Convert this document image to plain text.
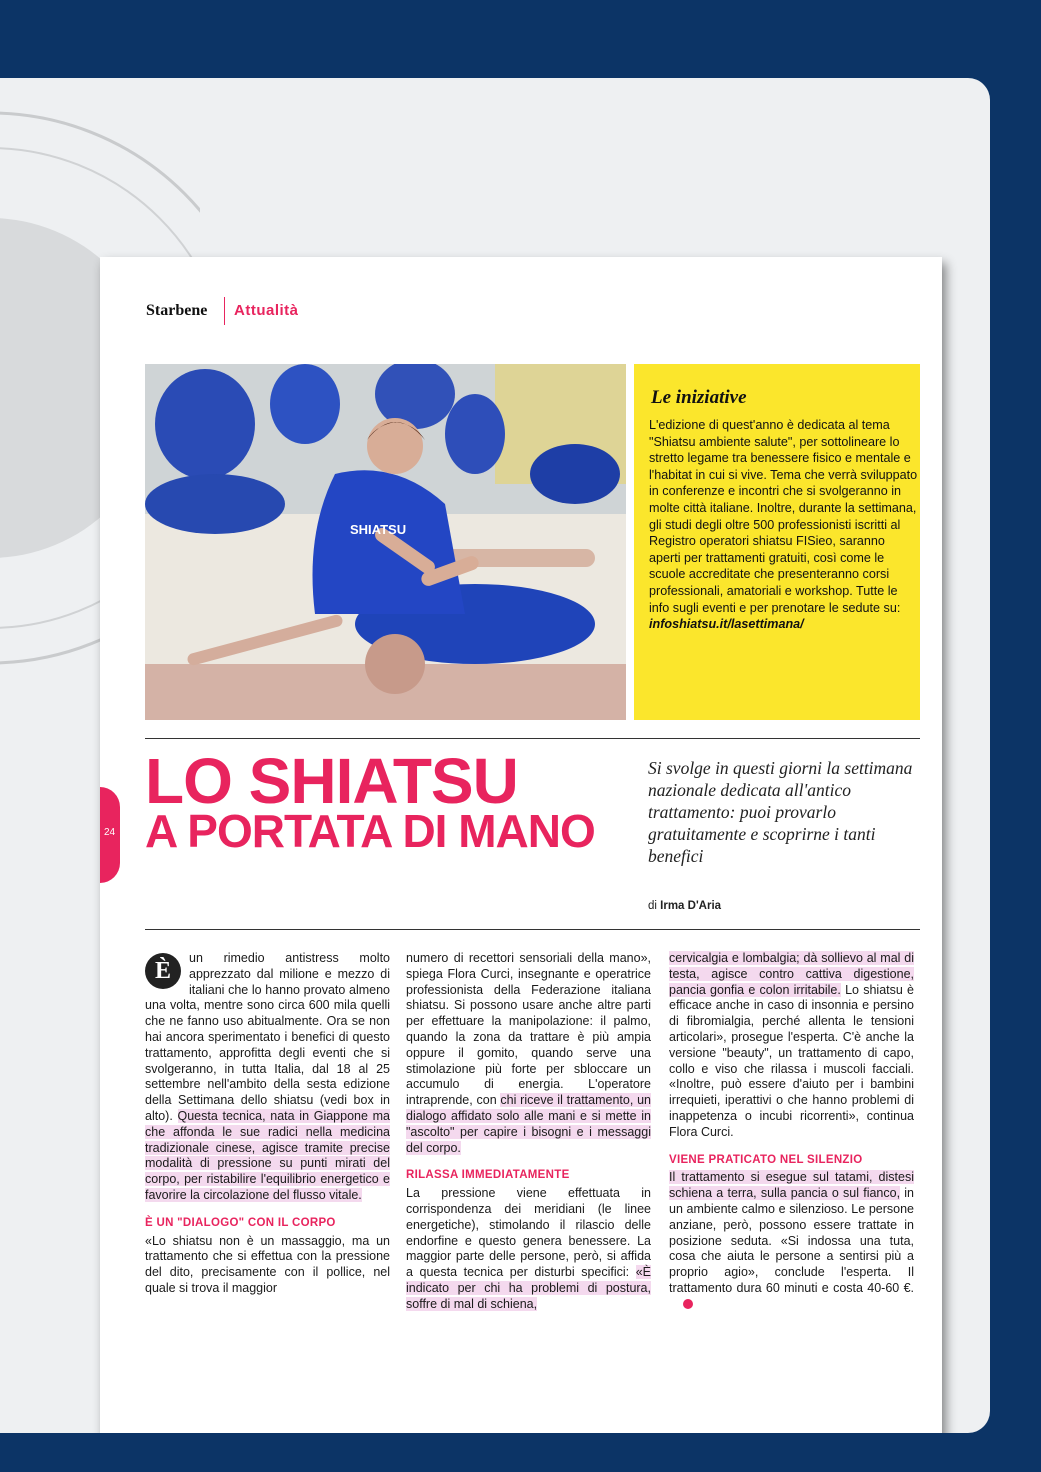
Starbene Attualità
SHIATSU
Le iniziative

L'edizione di quest'anno è dedicata al tema "Shiatsu ambiente salute", per sottolineare lo stretto legame tra benessere fisico e mentale e l'habitat in cui si vive. Tema che verrà sviluppato in conferenze e incontri che si svolgeranno in molte città italiane. Inoltre, durante la settimana, gli studi degli oltre 500 professionisti iscritti al Registro operatori shiatsu FISieo, saranno aperti per trattamenti gratuiti, così come le scuole accreditate che presenteranno corsi professionali, amatoriali e workshop. Tutte le info sugli eventi e per prenotare le sedute su: infoshiatsu.it/lasettimana/

24
LO SHIATSU
A PORTATA DI MANO

Si svolge in questi giorni la settimana nazionale dedicata all'antico trattamento: puoi provarlo gratuitamente e scoprirne i tanti benefici

di Irma D'Aria

È	un rimedio antistress molto apprezzato dal milione e mezzo di italiani che lo hanno provato almeno una volta, mentre sono circa 600 mila quelli che ne fanno uso abitualmente. Ora se non hai ancora sperimentato i benefici di questo trattamento, approfitta degli eventi che si svolgeranno, in tutta Italia, dal 18 al 25 settembre nell'ambito della sesta edizione della Settimana dello shiatsu (vedi box in alto). Questa tecnica, nata in Giappone ma che affonda le sue radici nella medicina tradizionale cinese, agisce tramite precise modalità di pressione su punti mirati del corpo, per ristabilire l'equilibrio energetico e favorire la circolazione del flusso vitale.

È UN "DIALOGO" CON IL CORPO

«Lo shiatsu non è un massaggio, ma un trattamento che si effettua con la pressione del dito, precisamente con il pollice, nel quale si trova il maggior

numero di recettori sensoriali della mano», spiega Flora Curci, insegnante e operatrice professionista della Federazione italiana shiatsu. Si possono usare anche altre parti per effettuare la manipolazione: il palmo, quando la zona da trattare è più ampia oppure il gomito, quando serve una stimolazione più forte per sbloccare un accumulo di energia. L'operatore intraprende, con chi riceve il trattamento, un dialogo affidato solo alle mani e si mette in "ascolto" per capire i bisogni e i messaggi del corpo.

RILASSA IMMEDIATAMENTE

La pressione viene effettuata in corrispondenza dei meridiani (le linee energetiche), stimolando il rilascio delle endorfine e questo genera benessere. La maggior parte delle persone, però, si affida a questa tecnica per disturbi specifici: «È indicato per chi ha problemi di postura, soffre di mal di schiena,

cervicalgia e lombalgia; dà sollievo al mal di testa, agisce contro cattiva digestione, pancia gonfia e colon irritabile. Lo shiatsu è efficace anche in caso di insonnia e persino di fibromialgia, perché allenta le tensioni articolari», prosegue l'esperta. C'è anche la versione "beauty", un trattamento di capo, collo e viso che rilassa i muscoli facciali. «Inoltre, può essere d'aiuto per i bambini irrequieti, iperattivi o che hanno problemi di inappetenza o incubi ricorrenti», continua Flora Curci.

VIENE PRATICATO NEL SILENZIO

Il trattamento si esegue sul tatami, distesi schiena a terra, sulla pancia o sul fianco, in un ambiente calmo e silenzioso. Le persone anziane, però, possono essere trattate in posizione seduta. «Si indossa una tuta, cosa che aiuta le persone a sentirsi più a proprio agio», conclude l'esperta. Il trattamento dura 60 minuti e costa 40-60 €.
